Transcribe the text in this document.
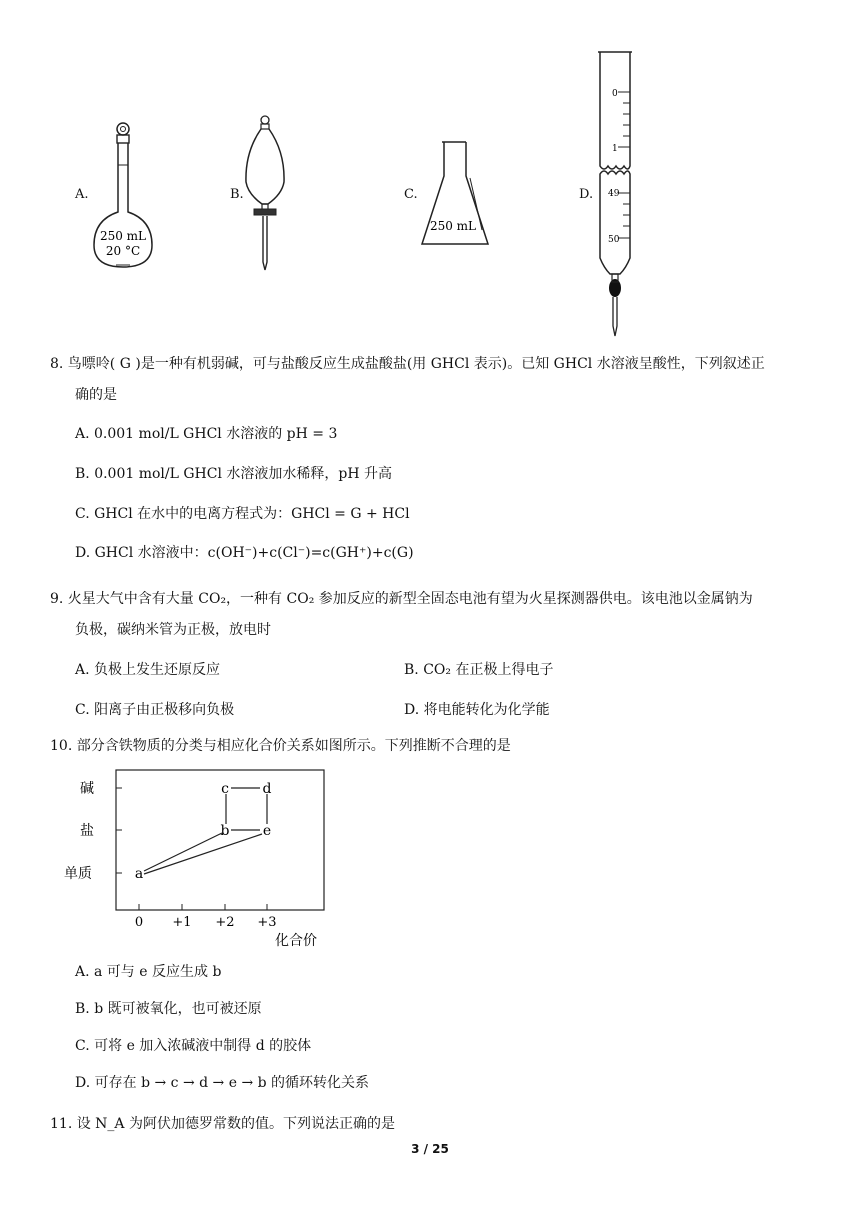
A.
250 mL
20 °C
B.	C.
250 mL
D.
0
1
49
50
8. 鸟嘌呤( G )是一种有机弱碱，可与盐酸反应生成盐酸盐(用 GHCl 表示)。已知 GHCl 水溶液呈酸性，下列叙述正
确的是
A. 0.001 mol/L GHCl 水溶液的 pH = 3
B. 0.001 mol/L GHCl 水溶液加水稀释，pH 升高
C. GHCl 在水中的电离方程式为：GHCl = G + HCl
D. GHCl 水溶液中：c(OH⁻)+c(Cl⁻)=c(GH⁺)+c(G)
9. 火星大气中含有大量 CO₂，一种有 CO₂ 参加反应的新型全固态电池有望为火星探测器供电。该电池以金属钠为
负极，碳纳米管为正极，放电时
A. 负极上发生还原反应	B. CO₂ 在正极上得电子
C. 阳离子由正极移向负极	D. 将电能转化为化学能
10. 部分含铁物质的分类与相应化合价关系如图所示。下列推断不合理的是
碱
盐
单质
0 +1 +2 +3
化合价
c d
b e
a
A. a 可与 e 反应生成 b
B. b 既可被氧化，也可被还原
C. 可将 e 加入浓碱液中制得 d 的胶体
D. 可存在 b → c → d → e → b 的循环转化关系
11. 设 N_A 为阿伏加德罗常数的值。下列说法正确的是
3 / 25
